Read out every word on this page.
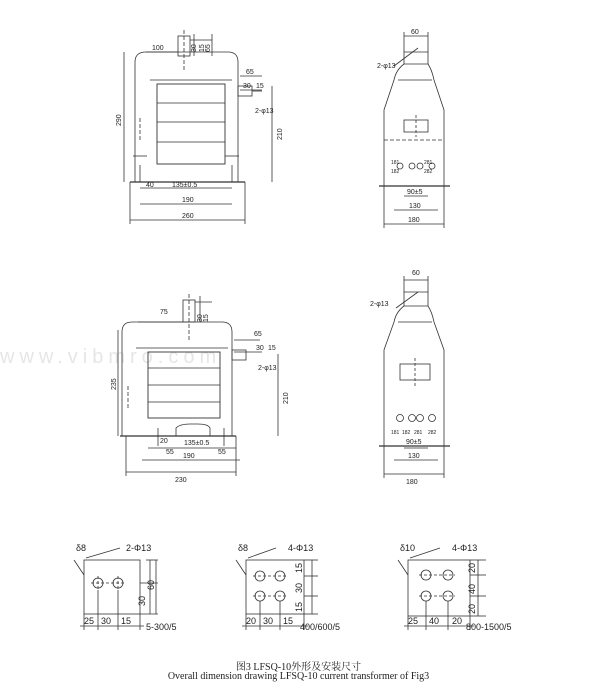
www.vibmro.com
100	30 15 65
65
30 15
2-φ13
290
210
40	135±0.5
190
260
60
2-φ13
181
182
281
282
90±5
130
180
75
30 15
65
30 15
2-φ13
235
210
20
55
135±0.5
55
190
230
60
2-φ13
181 182 281 282
90±5
130
180
δ8	2-Φ13
25 30 15
30
60
5-300/5
δ8	4-Φ13
20 30 15
15
30
15
400/600/5
δ10	4-Φ13
25 40 20
20
40
20
800-1500/5
图3 LFSQ-10外形及安装尺寸
Overall dimension drawing LFSQ-10 current transformer of Fig3
